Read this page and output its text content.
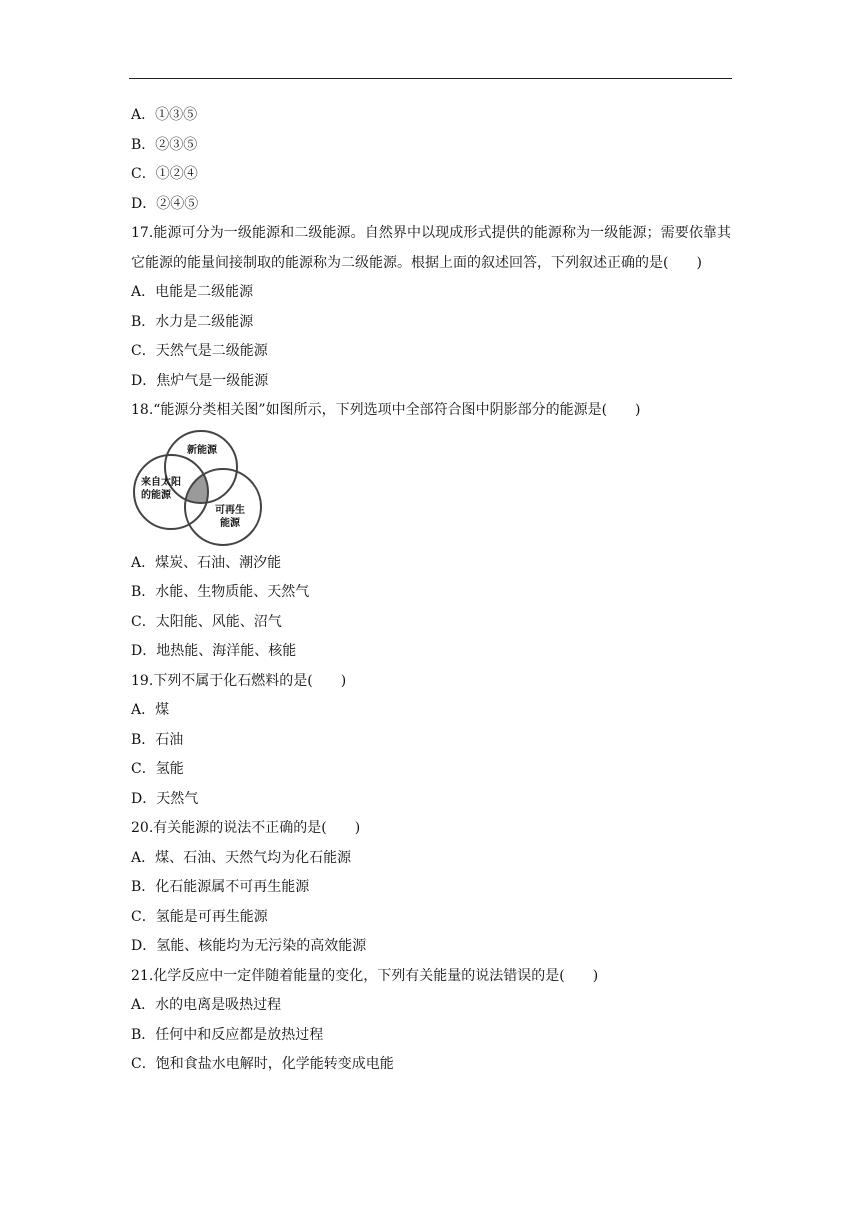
A．①③⑤
B．②③⑤
C．①②④
D．②④⑤
17.能源可分为一级能源和二级能源。自然界中以现成形式提供的能源称为一级能源；需要依靠其它能源的能量间接制取的能源称为二级能源。根据上面的叙述回答，下列叙述正确的是(　　)
A．电能是二级能源
B．水力是二级能源
C．天然气是二级能源
D．焦炉气是一级能源
18.“能源分类相关图”如图所示，下列选项中全部符合图中阴影部分的能源是(　　)
新能源
来自太阳
的能源
可再生
能源
A．煤炭、石油、潮汐能
B．水能、生物质能、天然气
C．太阳能、风能、沼气
D．地热能、海洋能、核能
19.下列不属于化石燃料的是(　　)
A．煤
B．石油
C．氢能
D．天然气
20.有关能源的说法不正确的是(　　)
A．煤、石油、天然气均为化石能源
B．化石能源属不可再生能源
C．氢能是可再生能源
D．氢能、核能均为无污染的高效能源
21.化学反应中一定伴随着能量的变化，下列有关能量的说法错误的是(　　)
A．水的电离是吸热过程
B．任何中和反应都是放热过程
C．饱和食盐水电解时，化学能转变成电能
